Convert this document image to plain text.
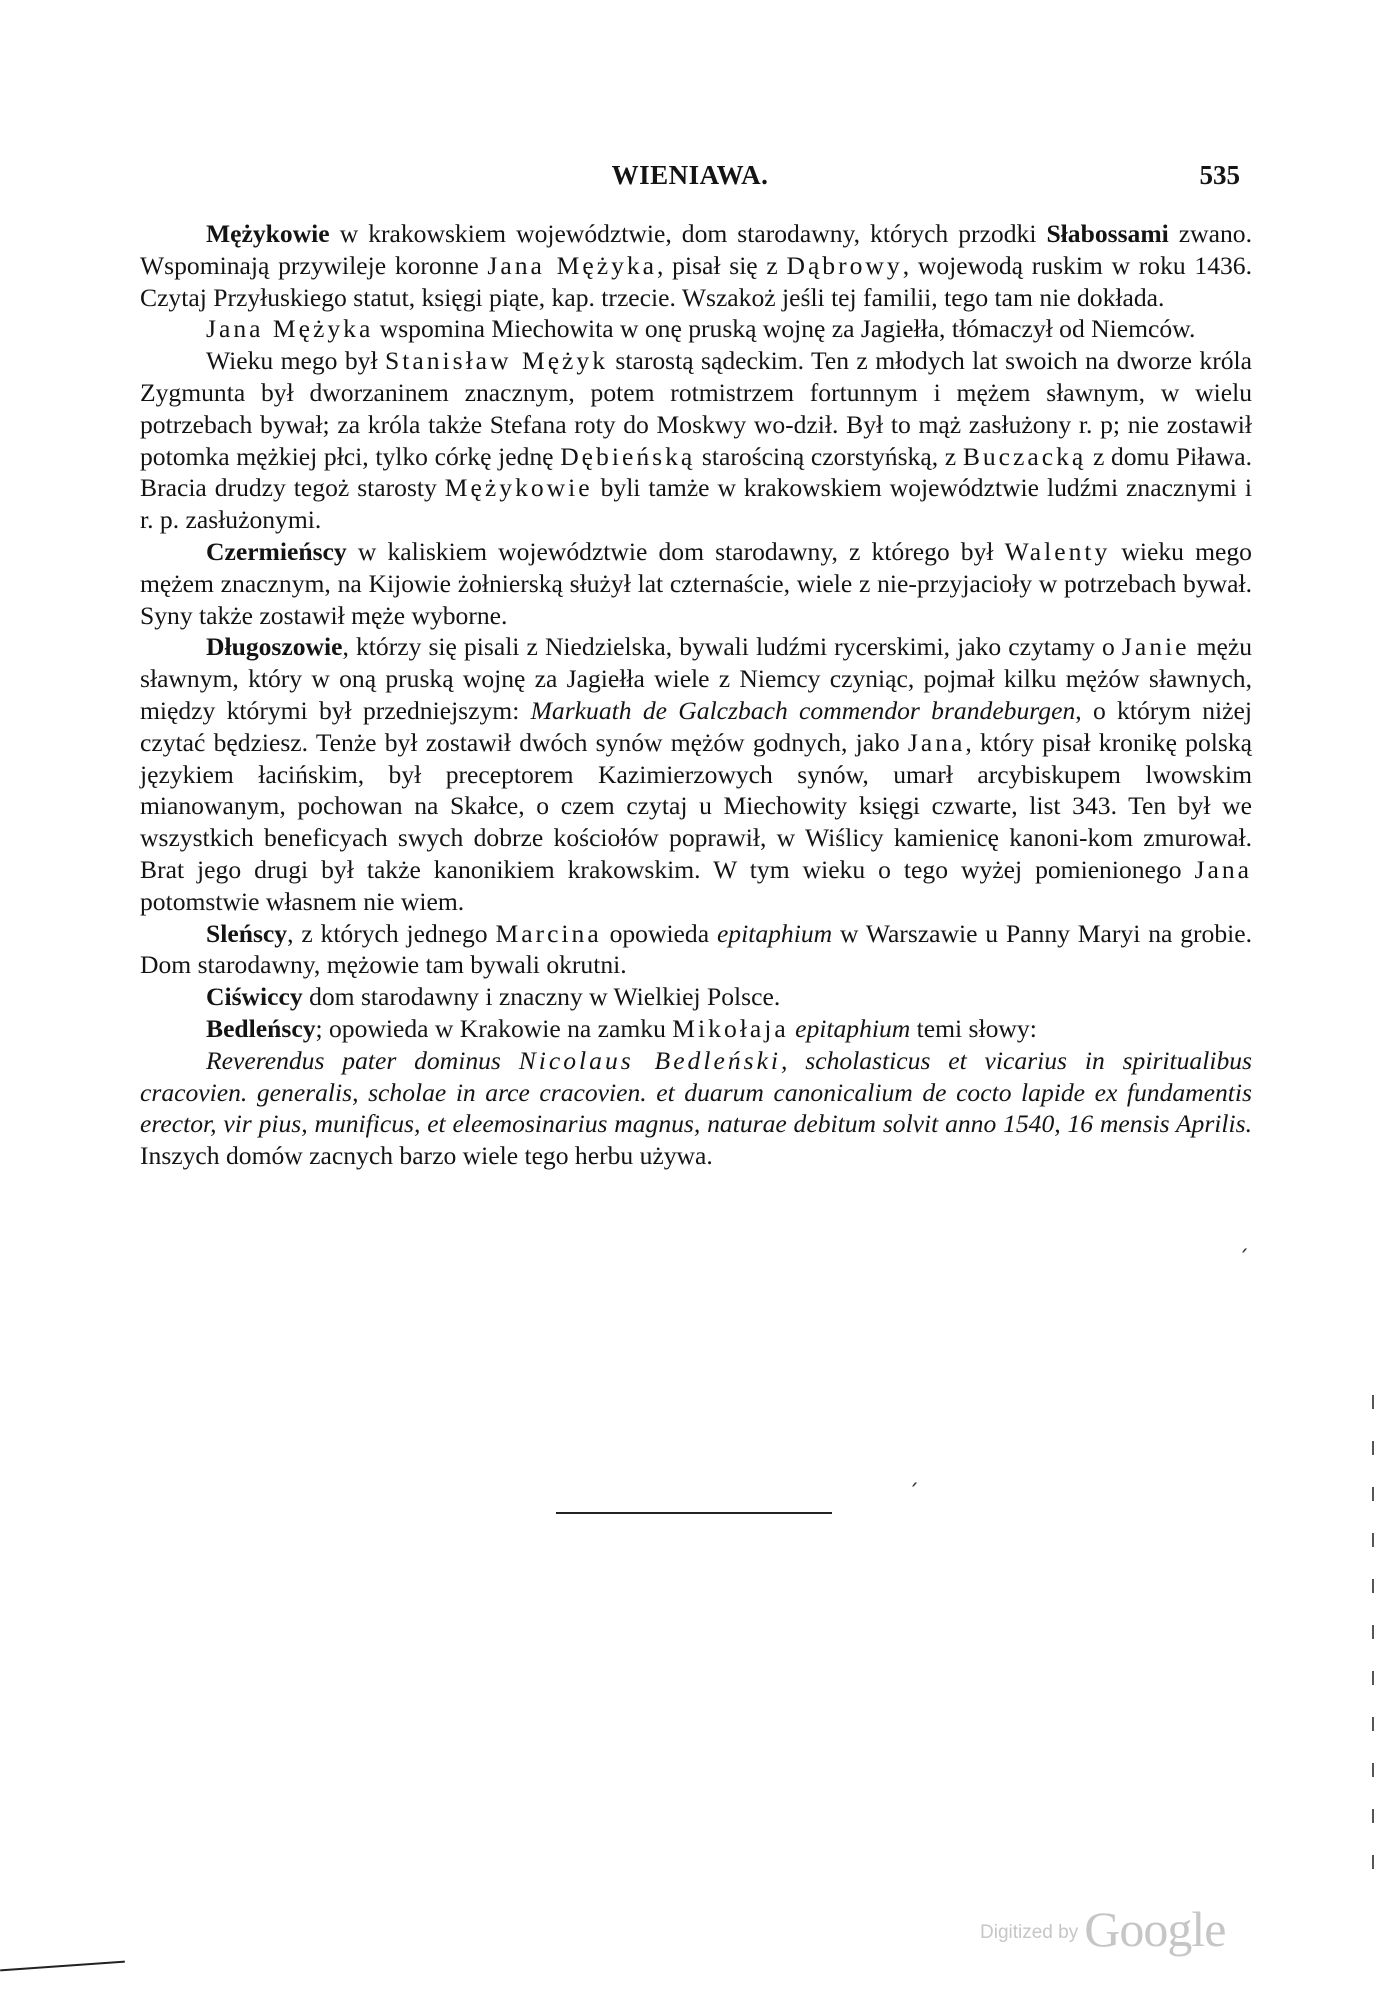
WIENIAWA.	535

Mężykowie w krakowskiem województwie, dom starodawny, których przodki Słabossami zwano. Wspominają przywileje koronne Jana Mężyka, pisał się z Dąbrowy, wojewodą ruskim w roku 1436. Czytaj Przyłuskiego statut, księgi piąte, kap. trzecie. Wszakoż jeśli tej familii, tego tam nie dokłada.

Jana Mężyka wspomina Miechowita w onę pruską wojnę za Jagiełła, tłómaczył od Niemców.

Wieku mego był Stanisław Mężyk starostą sądeckim. Ten z młodych lat swoich na dworze króla Zygmunta był dworzaninem znacznym, potem rotmistrzem fortunnym i mężem sławnym, w wielu potrzebach bywał; za króla także Stefana roty do Moskwy wo-dził. Był to mąż zasłużony r. p; nie zostawił potomka mężkiej płci, tylko córkę jednę Dębieńską starościną czorstyńską, z Buczacką z domu Piława. Bracia drudzy tegoż starosty Mężykowie byli tamże w krakowskiem województwie ludźmi znacznymi i r. p. zasłużonymi.

Czermieńscy w kaliskiem województwie dom starodawny, z którego był Walenty wieku mego mężem znacznym, na Kijowie żołnierską służył lat czternaście, wiele z nie-przyjacioły w potrzebach bywał. Syny także zostawił męże wyborne.

Długoszowie, którzy się pisali z Niedzielska, bywali ludźmi rycerskimi, jako czytamy o Janie mężu sławnym, który w oną pruską wojnę za Jagiełła wiele z Niemcy czyniąc, pojmał kilku mężów sławnych, między którymi był przedniejszym: Markuath de Galczbach commendor brandeburgen, o którym niżej czytać będziesz. Tenże był zostawił dwóch synów mężów godnych, jako Jana, który pisał kronikę polską językiem łacińskim, był preceptorem Kazimierzowych synów, umarł arcybiskupem lwowskim mianowanym, pochowan na Skałce, o czem czytaj u Miechowity księgi czwarte, list 343. Ten był we wszystkich beneficyach swych dobrze kościołów poprawił, w Wiślicy kamienicę kanoni-kom zmurował. Brat jego drugi był także kanonikiem krakowskim. W tym wieku o tego wyżej pomienionego Jana potomstwie własnem nie wiem.

Sleńscy, z których jednego Marcina opowieda epitaphium w Warszawie u Panny Maryi na grobie. Dom starodawny, mężowie tam bywali okrutni.

Ciświccy dom starodawny i znaczny w Wielkiej Polsce.

Bedleńscy; opowieda w Krakowie na zamku Mikołaja epitaphium temi słowy:

Reverendus pater dominus Nicolaus Bedleński, scholasticus et vicarius in spiritualibus cracovien. generalis, scholae in arce cracovien. et duarum canonicalium de cocto lapide ex fundamentis erector, vir pius, munificus, et eleemosinarius magnus, naturae debitum solvit anno 1540, 16 mensis Aprilis. Inszych domów zacnych barzo wiele tego herbu używa.

ˏ
ˏ
Digitized by Google
